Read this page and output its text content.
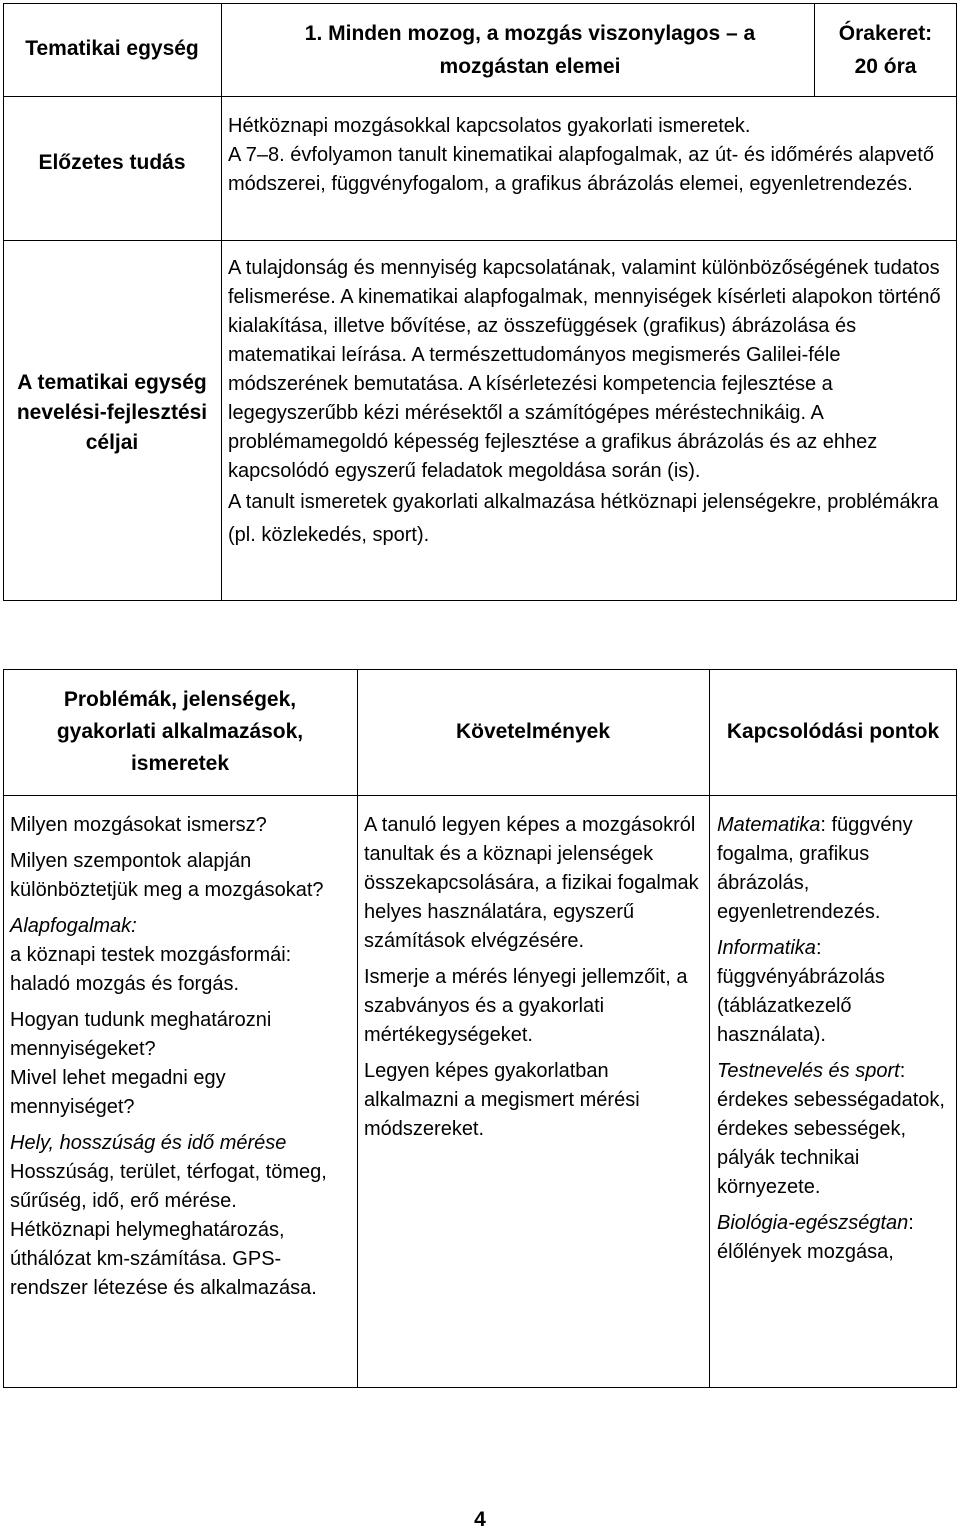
Tematikai egység
1. Minden mozog, a mozgás viszonylagos – a mozgástan elemei
Órakeret:
20 óra
Előzetes tudás

Hétköznapi mozgásokkal kapcsolatos gyakorlati ismeretek.

A 7–8. évfolyamon tanult kinematikai alapfogalmak, az út- és időmérés alapvető módszerei, függvényfogalom, a grafikus ábrázolás elemei, egyenletrendezés.

A tematikai egység nevelési-fejlesztési céljai

A tulajdonság és mennyiség kapcsolatának, valamint különbözőségének tudatos felismerése. A kinematikai alapfogalmak, mennyiségek kísérleti alapokon történő kialakítása, illetve bővítése, az összefüggések (grafikus) ábrázolása és matematikai leírása. A természettudományos megismerés Galilei-féle módszerének bemutatása. A kísérletezési kompetencia fejlesztése a legegyszerűbb kézi mérésektől a számítógépes méréstechnikáig. A problémamegoldó képesség fejlesztése a grafikus ábrázolás és az ehhez kapcsolódó egyszerű feladatok megoldása során (is).

A tanult ismeretek gyakorlati alkalmazása hétköznapi jelenségekre, problémákra (pl. közlekedés, sport).

Problémák, jelenségek, gyakorlati alkalmazások, ismeretek
Követelmények	Kapcsolódási pontok

Milyen mozgásokat ismersz?

Milyen szempontok alapján különböztetjük meg a mozgásokat?

Alapfogalmak:

a köznapi testek mozgásformái: haladó mozgás és forgás.

Hogyan tudunk meghatározni mennyiségeket?

Mivel lehet megadni egy mennyiséget?

Hely, hosszúság és idő mérése

Hosszúság, terület, térfogat, tömeg, sűrűség, idő, erő mérése.

Hétköznapi helymeghatározás, úthálózat km-számítása. GPS-rendszer létezése és alkalmazása.

A tanuló legyen képes a mozgásokról tanultak és a köznapi jelenségek összekapcsolására, a fizikai fogalmak helyes használatára, egyszerű számítások elvégzésére.

Ismerje a mérés lényegi jellemzőit, a szabványos és a gyakorlati mértékegységeket.

Legyen képes gyakorlatban alkalmazni a megismert mérési módszereket.

Matematika: függvény fogalma, grafikus ábrázolás, egyenletrendezés.

Informatika: függvényábrázolás (táblázatkezelő használata).

Testnevelés és sport: érdekes sebességadatok, érdekes sebességek, pályák technikai környezete.

Biológia-egészségtan: élőlények mozgása,

4
